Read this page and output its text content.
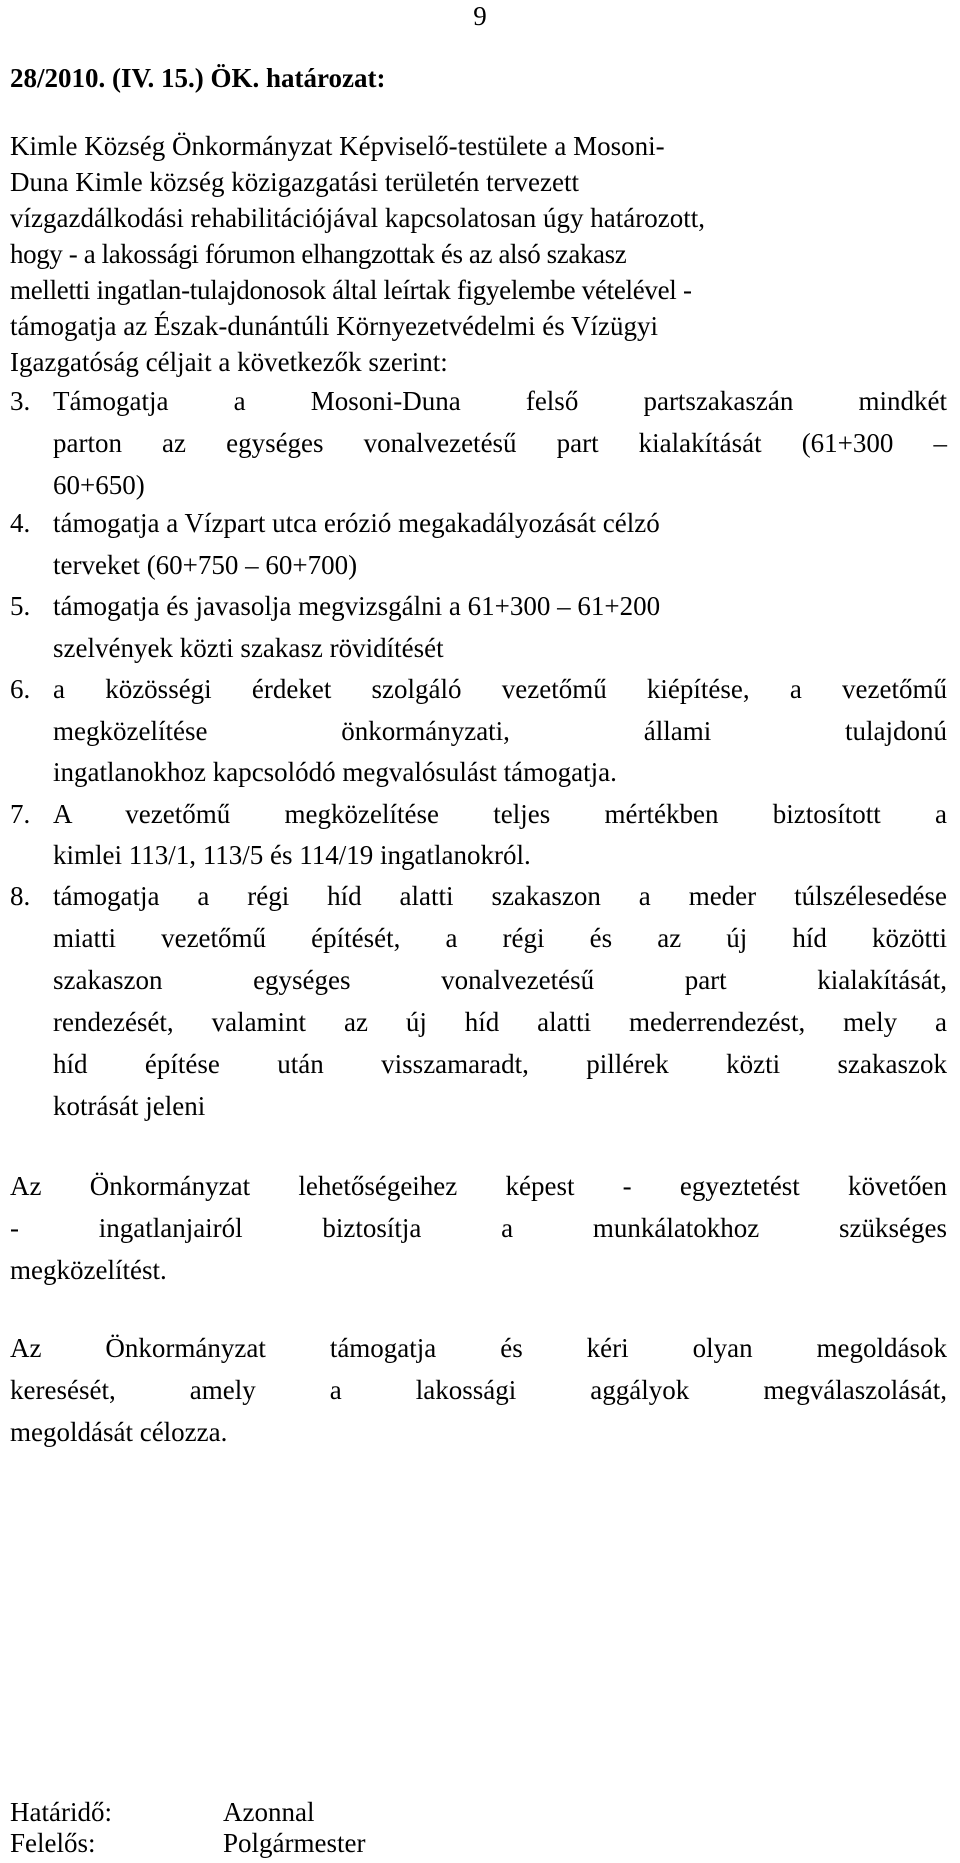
9
28/2010. (IV. 15.) ÖK. határozat:
Kimle Község Önkormányzat Képviselő-testülete a Mosoni-
Duna Kimle község közigazgatási területén tervezett
vízgazdálkodási rehabilitációjával kapcsolatosan úgy határozott,
hogy - a lakossági fórumon elhangzottak és az alsó szakasz
melletti ingatlan-tulajdonosok által leírtak figyelembe vételével -
támogatja az Észak-dunántúli Környezetvédelmi és Vízügyi
Igazgatóság céljait a következők szerint:
3. Támogatja a Mosoni-Duna felső partszakaszán mindkét
parton az egységes vonalvezetésű part kialakítását (61+300 –
60+650)
4. támogatja a Vízpart utca erózió megakadályozását célzó
terveket (60+750 – 60+700)
5. támogatja és javasolja megvizsgálni a 61+300 – 61+200
szelvények közti szakasz rövidítését
6. a közösségi érdeket szolgáló vezetőmű kiépítése, a vezetőmű
megközelítése önkormányzati, állami tulajdonú
ingatlanokhoz kapcsolódó megvalósulást támogatja.
7. A vezetőmű megközelítése teljes mértékben biztosított a
kimlei 113/1, 113/5 és 114/19 ingatlanokról.
8. támogatja a régi híd alatti szakaszon a meder túlszélesedése
miatti vezetőmű építését, a régi és az új híd közötti
szakaszon egységes vonalvezetésű part kialakítását,
rendezését, valamint az új híd alatti mederrendezést, mely a
híd építése után visszamaradt, pillérek közti szakaszok
kotrását jeleni
Az Önkormányzat lehetőségeihez képest - egyeztetést követően
- ingatlanjairól biztosítja a munkálatokhoz szükséges
megközelítést.
Az Önkormányzat támogatja és kéri olyan megoldások
keresését, amely a lakossági aggályok megválaszolását,
megoldását célozza.
Határidő:	Azonnal
Felelős:	Polgármester
